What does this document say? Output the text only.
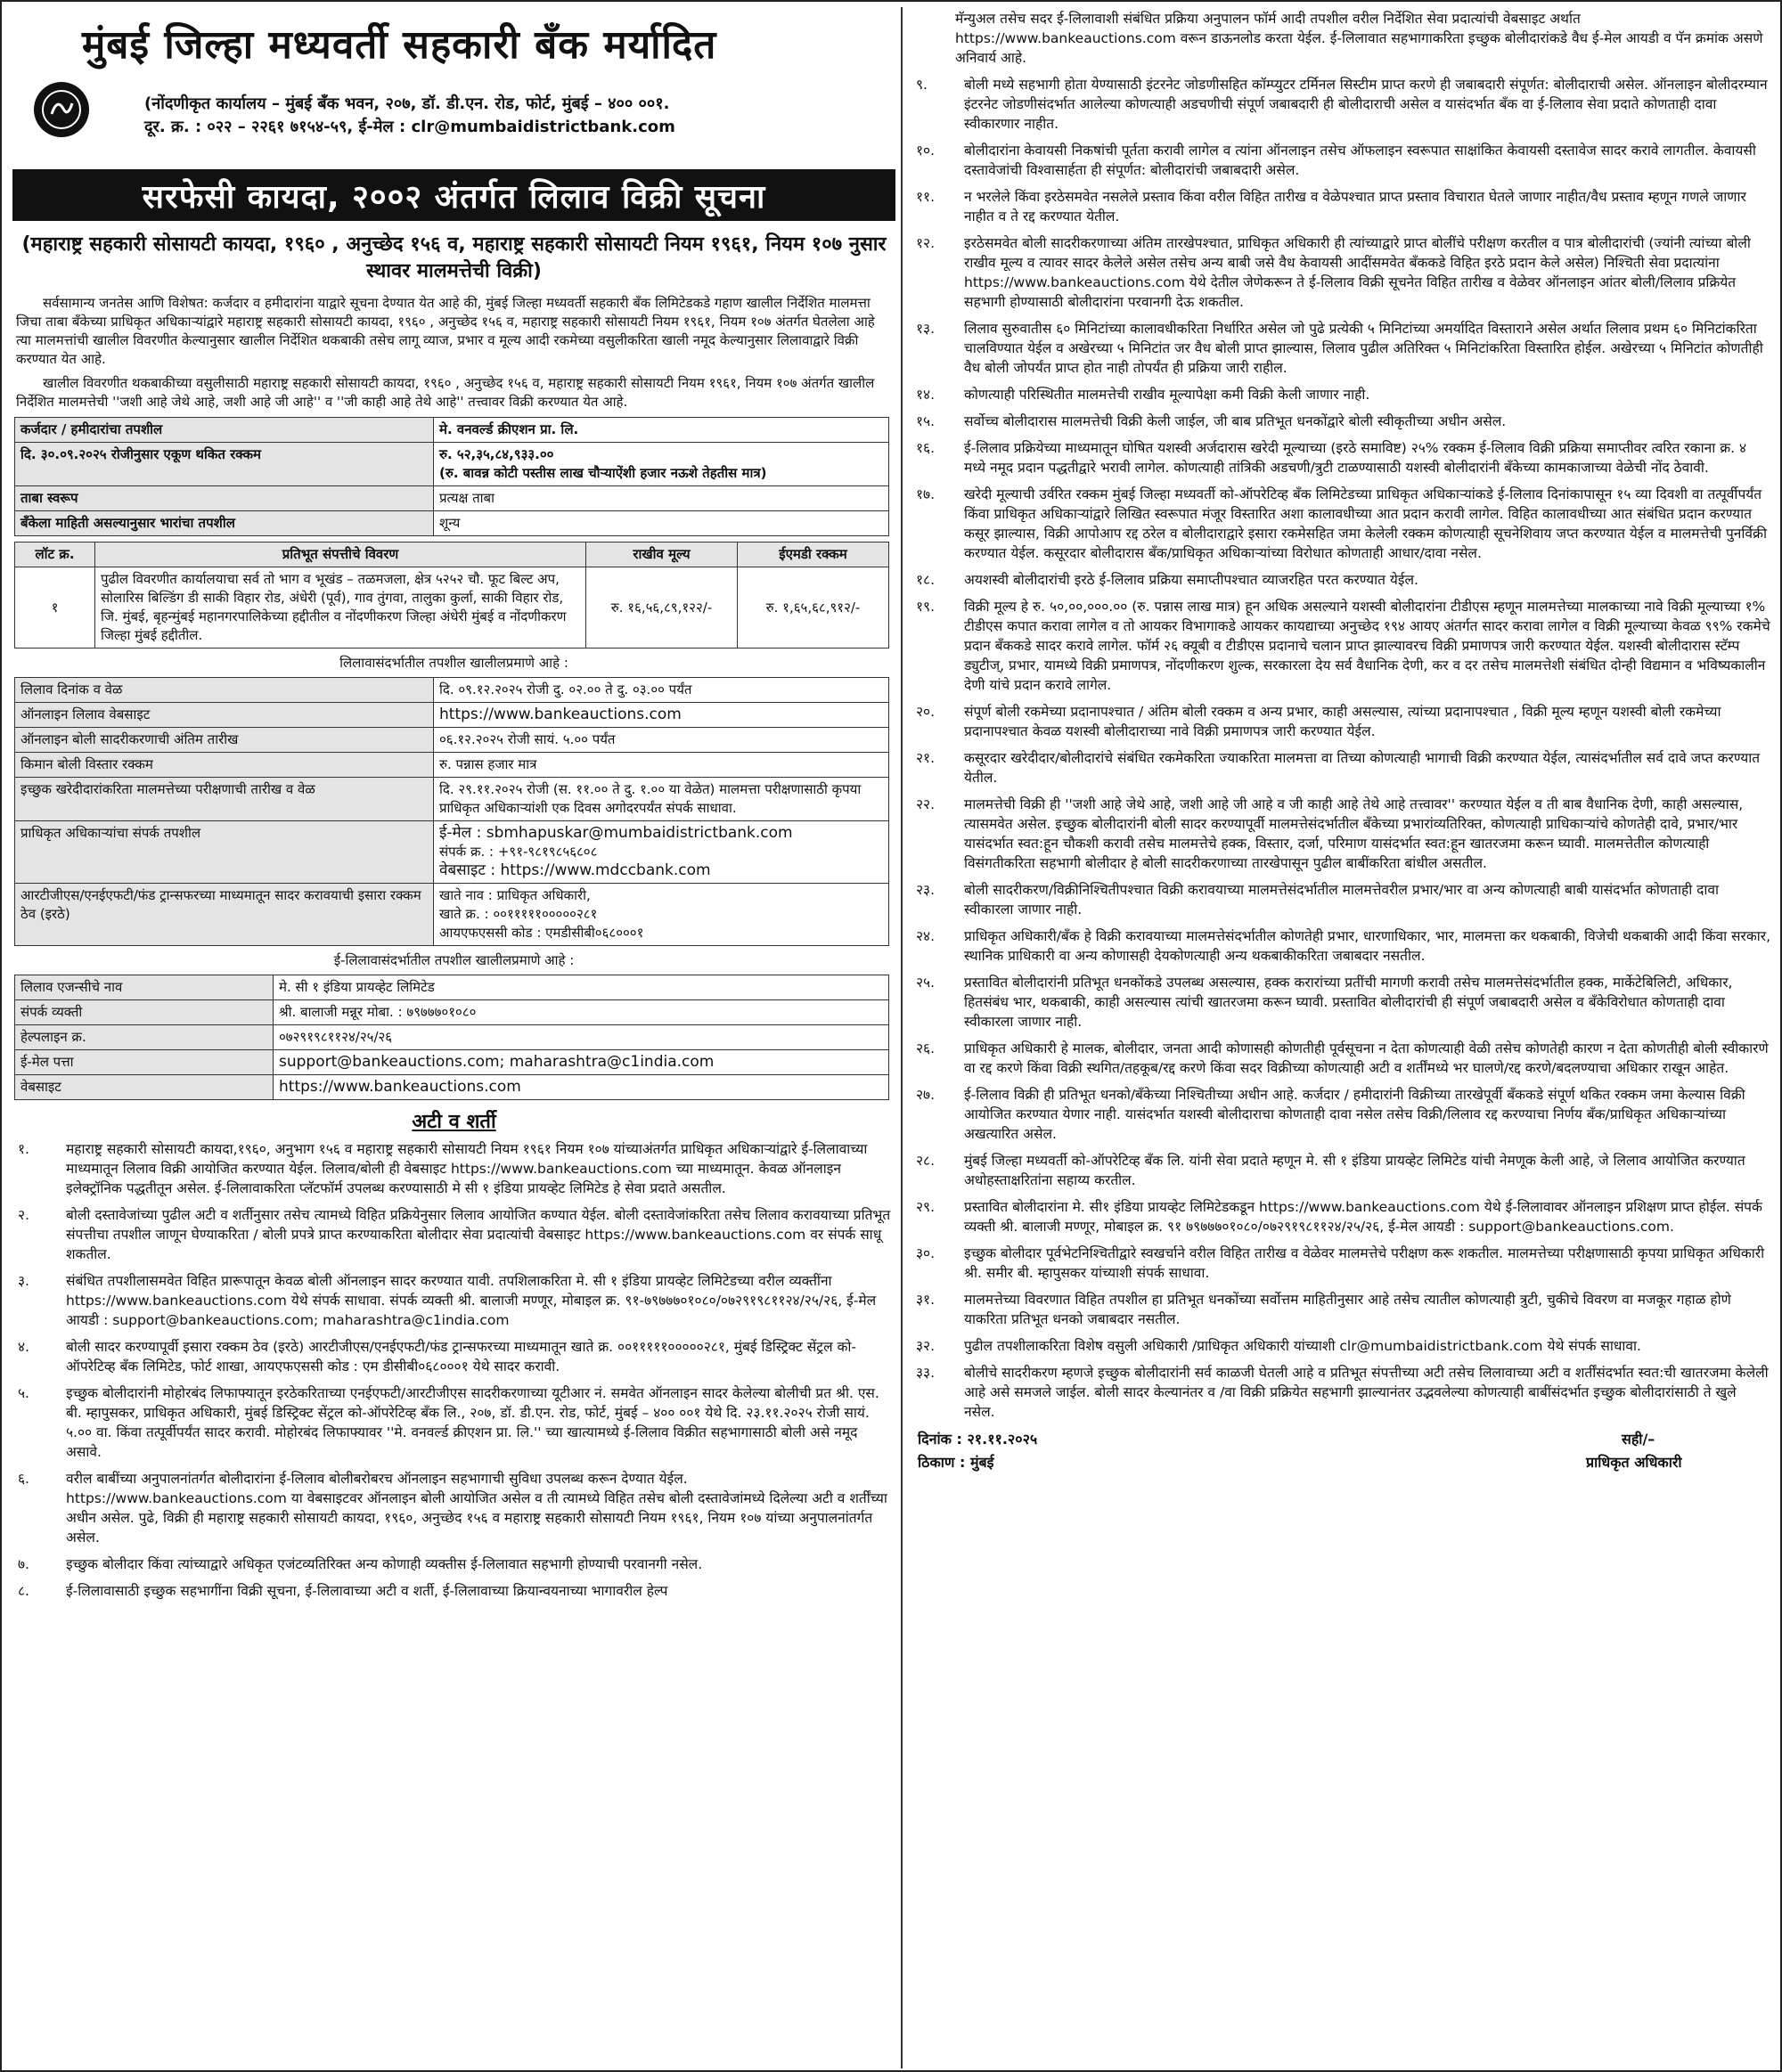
मुंबई जिल्हा मध्यवर्ती सहकारी बँक मर्यादित
(नोंदणीकृत कार्यालय – मुंबई बँक भवन, २०७, डॉ. डी.एन. रोड, फोर्ट, मुंबई – ४०० ००१.
दूर. क्र. : ०२२ – २२६१ ७१५४-५९, ई-मेल : clr@mumbaidistrictbank.com
सरफेसी कायदा, २००२ अंतर्गत लिलाव विक्री सूचना
(महाराष्ट्र सहकारी सोसायटी कायदा, १९६० , अनुच्छेद १५६ व, महाराष्ट्र सहकारी सोसायटी नियम १९६१, नियम १०७ नुसार स्थावर मालमत्तेची विक्री)

सर्वसामान्य जनतेस आणि विशेषत: कर्जदार व हमीदारांना याद्वारे सूचना देण्यात येत आहे की, मुंबई जिल्हा मध्यवर्ती सहकारी बँक लिमिटेडकडे गहाण खालील निर्देशित मालमत्ता जिचा ताबा बँकेच्या प्राधिकृत अधिकाऱ्यांद्वारे महाराष्ट्र सहकारी सोसायटी कायदा, १९६० , अनुच्छेद १५६ व, महाराष्ट्र सहकारी सोसायटी नियम १९६१, नियम १०७ अंतर्गत घेतलेला आहे त्या मालमत्तांची खालील विवरणीत केल्यानुसार खालील निर्देशित थकबाकी तसेच लागू व्याज, प्रभार व मूल्य आदी रकमेच्या वसुलीकरिता खाली नमूद केल्यानुसार लिलावाद्वारे विक्री करण्यात येत आहे.

खालील विवरणीत थकबाकीच्या वसुलीसाठी महाराष्ट्र सहकारी सोसायटी कायदा, १९६० , अनुच्छेद १५६ व, महाराष्ट्र सहकारी सोसायटी नियम १९६१, नियम १०७ अंतर्गत खालील निर्देशित मालमत्तेची ''जशी आहे जेथे आहे, जशी आहे जी आहे'' व ''जी काही आहे तेथे आहे'' तत्त्वावर विक्री करण्यात येत आहे.

कर्जदार / हमीदारांचा तपशील	मे. वनवर्ल्ड क्रीएशन प्रा. लि.
दि. ३०.०९.२०२५ रोजीनुसार एकूण थकित रक्कम	रु. ५२,३५,८४,९३३.००
(रु. बावन्न कोटी पस्तीस लाख चौऱ्याऐंशी हजार नऊशे तेहतीस मात्र)

ताबा स्वरूप	प्रत्यक्ष ताबा
बँकेला माहिती असल्यानुसार भारांचा तपशील	शून्य
लॉट क्र.	प्रतिभूत संपत्तीचे विवरण	राखीव मूल्य	ईएमडी रक्कम
१	पुढील विवरणीत कार्यालयाचा सर्व तो भाग व भूखंड – तळमजला, क्षेत्र ५२५२ चौ. फूट बिल्ट अप, सोलारिस बिल्डिंग डी साकी विहार रोड, अंधेरी (पूर्व), गाव तुंगवा, तालुका कुर्ला, साकी विहार रोड, जि. मुंबई, बृहन्मुंबई महानगरपालिकेच्या हद्दीतील व नोंदणीकरण जिल्हा अंधेरी मुंबई व नोंदणीकरण जिल्हा मुंबई हद्दीतील.	रु. १६,५६,८९,१२२/-	रु. १,६५,६८,९१२/-
लिलावासंदर्भातील तपशील खालीलप्रमाणे आहे :
लिलाव दिनांक व वेळ	दि. ०९.१२.२०२५ रोजी दु. ०२.०० ते दु. ०३.०० पर्यंत
ऑनलाइन लिलाव वेबसाइट	https://www.bankeauctions.com
ऑनलाइन बोली सादरीकरणाची अंतिम तारीख	०६.१२.२०२५ रोजी सायं. ५.०० पर्यंत
किमान बोली विस्तार रक्कम	रु. पन्नास हजार मात्र
इच्छुक खरेदीदारांकरिता मालमत्तेच्या परीक्षणाची तारीख व वेळ	दि. २९.११.२०२५ रोजी (स. ११.०० ते दु. १.०० या वेळेत) मालमत्ता परीक्षणासाठी कृपया प्राधिकृत अधिकाऱ्यांशी एक दिवस अगोदरपर्यंत संपर्क साधावा.
प्राधिकृत अधिकाऱ्यांचा संपर्क तपशील	ई-मेल : sbmhapuskar@mumbaidistrictbank.com
संपर्क क्र. : +९१-९८१९८५६८०८
वेबसाइट : https://www.mdccbank.com

आरटीजीएस/एनईएफटी/फंड ट्रान्सफरच्या माध्यमातून सादर करावयाची इसारा रक्कम ठेव (इरठे)	खाते नाव : प्राधिकृत अधिकारी,
खाते क्र. : ००१११११०००००२८१
आयएफएससी कोड : एमडीसीबी०६८०००१
ई-लिलावासंदर्भातील तपशील खालीलप्रमाणे आहे :
लिलाव एजन्सीचे नाव	मे. सी १ इंडिया प्रायव्हेट लिमिटेड
संपर्क व्यक्ती	श्री. बालाजी मन्नूर मोबा. : ७९७७७०१०८०
हेल्पलाइन क्र.	०७२९१९८११२४/२५/२६
ई-मेल पत्ता	support@bankeauctions.com; maharashtra@c1india.com
वेबसाइट	https://www.bankeauctions.com
अटी व शर्ती
१.	महाराष्ट्र सहकारी सोसायटी कायदा,१९६०, अनुभाग १५६ व महाराष्ट्र सहकारी सोसायटी नियम १९६१ नियम १०७ यांच्याअंतर्गत प्राधिकृत अधिकाऱ्यांद्वारे ई-लिलावाच्या माध्यमातून लिलाव विक्री आयोजित करण्यात येईल. लिलाव/बोली ही वेबसाइट https://www.bankeauctions.com च्या माध्यमातून. केवळ ऑनलाइन इलेक्ट्रॉनिक पद्धतीतून असेल. ई-लिलावाकरिता प्लॅटफॉर्म उपलब्ध करण्यासाठी मे सी १ इंडिया प्रायव्हेट लिमिटेड हे सेवा प्रदाते असतील.
२.	बोली दस्तावेजांच्या पुढील अटी व शर्तीनुसार तसेच त्यामध्ये विहित प्रक्रियेनुसार लिलाव आयोजित कण्यात येईल. बोली दस्तावेजांकरिता तसेच लिलाव करावयाच्या प्रतिभूत संपत्तीचा तपशील जाणून घेण्याकरिता / बोली प्रपत्रे प्राप्त करण्याकरिता बोलीदार सेवा प्रदात्यांची वेबसाइट https://www.bankeauctions.com वर संपर्क साधू शकतील.
३.	संबंधित तपशीलासमवेत विहित प्रारूपातून केवळ बोली ऑनलाइन सादर करण्यात यावी. तपशिलाकरिता मे. सी १ इंडिया प्रायव्हेट लिमिटेडच्या वरील व्यक्तींना https://www.bankeauctions.com येथे संपर्क साधावा. संपर्क व्यक्ती श्री. बालाजी मण्णूर, मोबाइल क्र. ९१-७९७७७०१०८०/०७२९१९८११२४/२५/२६, ई-मेल आयडी : support@bankeauctions.com; maharashtra@c1india.com
४.	बोली सादर करण्यापूर्वी इसारा रक्कम ठेव (इरठे) आरटीजीएस/एनईएफटी/फंड ट्रान्सफरच्या माध्यमातून खाते क्र. ००१११११०००००२८१, मुंबई डिस्ट्रिक्ट सेंट्रल को-ऑपरेटिव्ह बँक लिमिटेड, फोर्ट शाखा, आयएफएससी कोड : एम डीसीबी०६८०००१ येथे सादर करावी.
५.	इच्छुक बोलीदारांनी मोहोरबंद लिफाफ्यातून इरठेकरिताच्या एनईएफटी/आरटीजीएस सादरीकरणाच्या यूटीआर नं. समवेत ऑनलाइन सादर केलेल्या बोलीची प्रत श्री. एस. बी. म्हापुसकर, प्राधिकृत अधिकारी, मुंबई डिस्ट्रिक्ट सेंट्रल को-ऑपरेटिव्ह बँक लि., २०७, डॉ. डी.एन. रोड, फोर्ट, मुंबई – ४०० ००१ येथे दि. २३.११.२०२५ रोजी सायं. ५.०० वा. किंवा तत्पूर्वीपर्यंत सादर करावी. मोहोरबंद लिफाफ्यावर ''मे. वनवर्ल्ड क्रीएशन प्रा. लि.'' च्या खात्यामध्ये ई-लिलाव विक्रीत सहभागासाठी बोली असे नमूद असावे.
६.	वरील बाबींच्या अनुपालनांतर्गत बोलीदारांना ई-लिलाव बोलीबरोबरच ऑनलाइन सहभागाची सुविधा उपलब्ध करून देण्यात येईल. https://www.bankeauctions.com या वेबसाइटवर ऑनलाइन बोली आयोजित असेल व ती त्यामध्ये विहित तसेच बोली दस्तावेजांमध्ये दिलेल्या अटी व शर्तींच्या अधीन असेल. पुढे, विक्री ही महाराष्ट्र सहकारी सोसायटी कायदा, १९६०, अनुच्छेद १५६ व महाराष्ट्र सहकारी सोसायटी नियम १९६१, नियम १०७ यांच्या अनुपालनांतर्गत असेल.
७.	इच्छुक बोलीदार किंवा त्यांच्याद्वारे अधिकृत एजंटव्यतिरिक्त अन्य कोणाही व्यक्तीस ई-लिलावात सहभागी होण्याची परवानगी नसेल.
८.	ई-लिलावासाठी इच्छुक सहभागींना विक्री सूचना, ई-लिलावाच्या अटी व शर्ती, ई-लिलावाच्या क्रियान्वयनाच्या भागावरील हेल्प
मॅन्युअल तसेच सदर ई-लिलावाशी संबंधित प्रक्रिया अनुपालन फॉर्म आदी तपशील वरील निर्देशित सेवा प्रदात्यांची वेबसाइट अर्थात https://www.bankeauctions.com वरून डाऊनलोड करता येईल. ई-लिलावात सहभागाकरिता इच्छुक बोलीदारांकडे वैध ई-मेल आयडी व पॅन क्रमांक असणे अनिवार्य आहे.
९.	बोली मध्ये सहभागी होता येण्यासाठी इंटरनेट जोडणीसहित कॉम्प्युटर टर्मिनल सिस्टीम प्राप्त करणे ही जबाबदारी संपूर्णत: बोलीदाराची असेल. ऑनलाइन बोलीदरम्यान इंटरनेट जोडणीसंदर्भात आलेल्या कोणत्याही अडचणीची संपूर्ण जबाबदारी ही बोलीदाराची असेल व यासंदर्भात बँक वा ई-लिलाव सेवा प्रदाते कोणताही दावा स्वीकारणार नाहीत.
१०. बोलीदारांना केवायसी निकषांची पूर्तता करावी लागेल व त्यांना ऑनलाइन तसेच ऑफलाइन स्वरूपात साक्षांकित केवायसी दस्तावेज सादर करावे लागतील. केवायसी दस्तावेजांची विश्वासार्हता ही संपूर्णत: बोलीदारांची जबाबदारी असेल.
११. न भरलेले किंवा इरठेसमवेत नसलेले प्रस्ताव किंवा वरील विहित तारीख व वेळेपश्चात प्राप्त प्रस्ताव विचारात घेतले जाणार नाहीत/वैध प्रस्ताव म्हणून गणले जाणार नाहीत व ते रद्द करण्यात येतील.
१२. इरठेसमवेत बोली सादरीकरणाच्या अंतिम तारखेपश्चात, प्राधिकृत अधिकारी ही त्यांच्याद्वारे प्राप्त बोलींचे परीक्षण करतील व पात्र बोलीदारांची (ज्यांनी त्यांच्या बोली राखीव मूल्य व त्यावर सादर केलेले असेल तसेच अन्य बाबी जसे वैध केवायसी आदींसमवेत बँककडे विहित इरठे प्रदान केले असेल) निश्चिती सेवा प्रदात्यांना https://www.bankeauctions.com येथे देतील जेणेकरून ते ई-लिलाव विक्री सूचनेत विहित तारीख व वेळेवर ऑनलाइन आंतर बोली/लिलाव प्रक्रियेत सहभागी होण्यासाठी बोलीदारांना परवानगी देऊ शकतील.
१३. लिलाव सुरुवातीस ६० मिनिटांच्या कालावधीकरिता निर्धारित असेल जो पुढे प्रत्येकी ५ मिनिटांच्या अमर्यादित विस्ताराने असेल अर्थात लिलाव प्रथम ६० मिनिटांकरिता चालविण्यात येईल व अखेरच्या ५ मिनिटांत जर वैध बोली प्राप्त झाल्यास, लिलाव पुढील अतिरिक्त ५ मिनिटांकरिता विस्तारित होईल. अखेरच्या ५ मिनिटांत कोणतीही वैध बोली जोपर्यंत प्राप्त होत नाही तोपर्यंत ही प्रक्रिया जारी राहील.
१४. कोणत्याही परिस्थितीत मालमत्तेची राखीव मूल्यापेक्षा कमी विक्री केली जाणार नाही.
१५. सर्वोच्च बोलीदारास मालमत्तेची विक्री केली जाईल, जी बाब प्रतिभूत धनकोंद्वारे बोली स्वीकृतीच्या अधीन असेल.
१६. ई-लिलाव प्रक्रियेच्या माध्यमातून घोषित यशस्वी अर्जदारास खरेदी मूल्याच्या (इरठे समाविष्ट) २५% रक्कम ई-लिलाव विक्री प्रक्रिया समाप्तीवर त्वरित रकाना क्र. ४ मध्ये नमूद प्रदान पद्धतीद्वारे भरावी लागेल. कोणत्याही तांत्रिकी अडचणी/त्रुटी टाळण्यासाठी यशस्वी बोलीदारांनी बँकेच्या कामकाजाच्या वेळेची नोंद ठेवावी.
१७. खरेदी मूल्याची उर्वरित रक्कम मुंबई जिल्हा मध्यवर्ती को-ऑपरेटिव्ह बँक लिमिटेडच्या प्राधिकृत अधिकाऱ्यांकडे ई-लिलाव दिनांकापासून १५ व्या दिवशी वा तत्पूर्वीपर्यंत किंवा प्राधिकृत अधिकाऱ्यांद्वारे लिखित स्वरूपात मंजूर विस्तारित अशा कालावधीच्या आत प्रदान करावी लागेल. विहित कालावधीच्या आत संबंधित प्रदान करण्यात कसूर झाल्यास, विक्री आपोआप रद्द ठरेल व बोलीदाराद्वारे इसारा रकमेसहित जमा केलेली रक्कम कोणत्याही सूचनेशिवाय जप्त करण्यात येईल व मालमत्तेची पुनर्विक्री करण्यात येईल. कसूरदार बोलीदारास बँक/प्राधिकृत अधिकाऱ्यांच्या विरोधात कोणताही आधार/दावा नसेल.
१८. अयशस्वी बोलीदारांची इरठे ई-लिलाव प्रक्रिया समाप्तीपश्चात व्याजरहित परत करण्यात येईल.
१९. विक्री मूल्य हे रु. ५०,००,०००.०० (रु. पन्नास लाख मात्र) हून अधिक असल्याने यशस्वी बोलीदारांना टीडीएस म्हणून मालमत्तेच्या मालकाच्या नावे विक्री मूल्याच्या १% टीडीएस कपात करावा लागेल व तो आयकर विभागाकडे आयकर कायद्याच्या अनुच्छेद १९४ आयए अंतर्गत सादर करावा लागेल व विक्री मूल्याच्या केवळ ९९% रकमेचे प्रदान बँककडे सादर करावे लागेल. फॉर्म २६ क्यूबी व टीडीएस प्रदानाचे चलान प्राप्त झाल्यावरच विक्री प्रमाणपत्र जारी करण्यात येईल. यशस्वी बोलीदारास स्टॅम्प ड्युटीज्, प्रभार, यामध्ये विक्री प्रमाणपत्र, नोंदणीकरण शुल्क, सरकारला देय सर्व वैधानिक देणी, कर व दर तसेच मालमत्तेशी संबंधित दोन्ही विद्यमान व भविष्यकालीन देणी यांचे प्रदान करावे लागेल.
२०. संपूर्ण बोली रकमेच्या प्रदानापश्चात / अंतिम बोली रक्कम व अन्य प्रभार, काही असल्यास, त्यांच्या प्रदानापश्चात , विक्री मूल्य म्हणून यशस्वी बोली रकमेच्या प्रदानापश्चात केवळ यशस्वी बोलीदाराच्या नावे विक्री प्रमाणपत्र जारी करण्यात येईल.
२१. कसूरदार खरेदीदार/बोलीदारांचे संबंधित रकमेकरिता ज्याकरिता मालमत्ता वा तिच्या कोणत्याही भागाची विक्री करण्यात येईल, त्यासंदर्भातील सर्व दावे जप्त करण्यात येतील.
२२. मालमत्तेची विक्री ही ''जशी आहे जेथे आहे, जशी आहे जी आहे व जी काही आहे तेथे आहे तत्त्वावर'' करण्यात येईल व ती बाब वैधानिक देणी, काही असल्यास, त्यासमवेत असेल. इच्छुक बोलीदारांनी बोली सादर करण्यापूर्वी मालमत्तेसंदर्भातील बँकेच्या प्रभारांव्यतिरिक्त, कोणत्याही प्राधिकाऱ्यांचे कोणतेही दावे, प्रभार/भार यासंदर्भात स्वत:हून चौकशी करावी तसेच मालमत्तेचे हक्क, विस्तार, दर्जा, परिमाण यासंदर्भात स्वत:हून खातरजमा करून घ्यावी. मालमत्तेतील कोणत्याही विसंगतीकरिता सहभागी बोलीदार हे बोली सादरीकरणाच्या तारखेपासून पुढील बाबींकरिता बांधील असतील.
२३. बोली सादरीकरण/विक्रीनिश्चितीपश्चात विक्री करावयाच्या मालमत्तेसंदर्भातील मालमत्तेवरील प्रभार/भार वा अन्य कोणत्याही बाबी यासंदर्भात कोणताही दावा स्वीकारला जाणार नाही.
२४. प्राधिकृत अधिकारी/बँक हे विक्री करावयाच्या मालमत्तेसंदर्भातील कोणतेही प्रभार, धारणाधिकार, भार, मालमत्ता कर थकबाकी, विजेची थकबाकी आदी किंवा सरकार, स्थानिक प्राधिकारी वा अन्य कोणासही देयकोणत्याही अन्य थकबाकीकरिता जबाबदार नसतील.
२५. प्रस्तावित बोलीदारांनी प्रतिभूत धनकोंकडे उपलब्ध असल्यास, हक्क करारांच्या प्रतींची मागणी करावी तसेच मालमत्तेसंदर्भातील हक्क, मार्केटेबिलिटी, अधिकार, हितसंबंध भार, थकबाकी, काही असल्यास त्यांची खातरजमा करून घ्यावी. प्रस्तावित बोलीदारांची ही संपूर्ण जबाबदारी असेल व बँकेविरोधात कोणताही दावा स्वीकारला जाणार नाही.
२६. प्राधिकृत अधिकारी हे मालक, बोलीदार, जनता आदी कोणासही कोणतीही पूर्वसूचना न देता कोणत्याही वेळी तसेच कोणतेही कारण न देता कोणतीही बोली स्वीकारणे वा रद्द करणे किंवा विक्री स्थगित/तहकूब/रद्द करणे किंवा सदर विक्रीच्या कोणत्याही अटी व शर्तींमध्ये भर घालणे/रद्द करणे/बदलण्याचा अधिकार राखून आहेत.
२७. ई-लिलाव विक्री ही प्रतिभूत धनको/बँकेच्या निश्चितीच्या अधीन आहे. कर्जदार / हमीदारांनी विक्रीच्या तारखेपूर्वी बँककडे संपूर्ण थकित रक्कम जमा केल्यास विक्री आयोजित करण्यात येणार नाही. यासंदर्भात यशस्वी बोलीदाराचा कोणताही दावा नसेल तसेच विक्री/लिलाव रद्द करण्याचा निर्णय बँक/प्राधिकृत अधिकाऱ्यांच्या अखत्यारित असेल.
२८. मुंबई जिल्हा मध्यवर्ती को-ऑपरेटिव्ह बँक लि. यांनी सेवा प्रदाते म्हणून मे. सी १ इंडिया प्रायव्हेट लिमिटेड यांची नेमणूक केली आहे, जे लिलाव आयोजित करण्यात अधोहस्ताक्षरितांना सहाय्य करतील.
२९. प्रस्तावित बोलीदारांना मे. सी१ इंडिया प्रायव्हेट लिमिटेडकडून https://www.bankeauctions.com येथे ई-लिलावावर ऑनलाइन प्रशिक्षण प्राप्त होईल. संपर्क व्यक्ती श्री. बालाजी मण्णूर, मोबाइल क्र. ९१ ७९७७७०१०८०/०७२९१९८११२४/२५/२६, ई-मेल आयडी : support@bankeauctions.com.
३०. इच्छुक बोलीदार पूर्वभेटनिश्चितीद्वारे स्वखर्चाने वरील विहित तारीख व वेळेवर मालमत्तेचे परीक्षण करू शकतील. मालमत्तेच्या परीक्षणासाठी कृपया प्राधिकृत अधिकारी श्री. समीर बी. म्हापुसकर यांच्याशी संपर्क साधावा.
३१. मालमत्तेच्या विवरणात विहित तपशील हा प्रतिभूत धनकोंच्या सर्वोत्तम माहितीनुसार आहे तसेच त्यातील कोणत्याही त्रुटी, चुकीचे विवरण वा मजकूर गहाळ होणे याकरिता प्रतिभूत धनको जबाबदार नसतील.
३२. पुढील तपशीलाकरिता विशेष वसुली अधिकारी /प्राधिकृत अधिकारी यांच्याशी clr@mumbaidistrictbank.com येथे संपर्क साधावा.
३३. बोलीचे सादरीकरण म्हणजे इच्छुक बोलीदारांनी सर्व काळजी घेतली आहे व प्रतिभूत संपत्तीच्या अटी तसेच लिलावाच्या अटी व शर्तींसंदर्भात स्वत:ची खातरजमा केलेली आहे असे समजले जाईल. बोली सादर केल्यानंतर व /वा विक्री प्रक्रियेत सहभागी झाल्यानंतर उद्भवलेल्या कोणत्याही बाबींसंदर्भात इच्छुक बोलीदारांसाठी ते खुले नसेल.
दिनांक : २१.११.२०२५
ठिकाण : मुंबई
सही/–
प्राधिकृत अधिकारी
